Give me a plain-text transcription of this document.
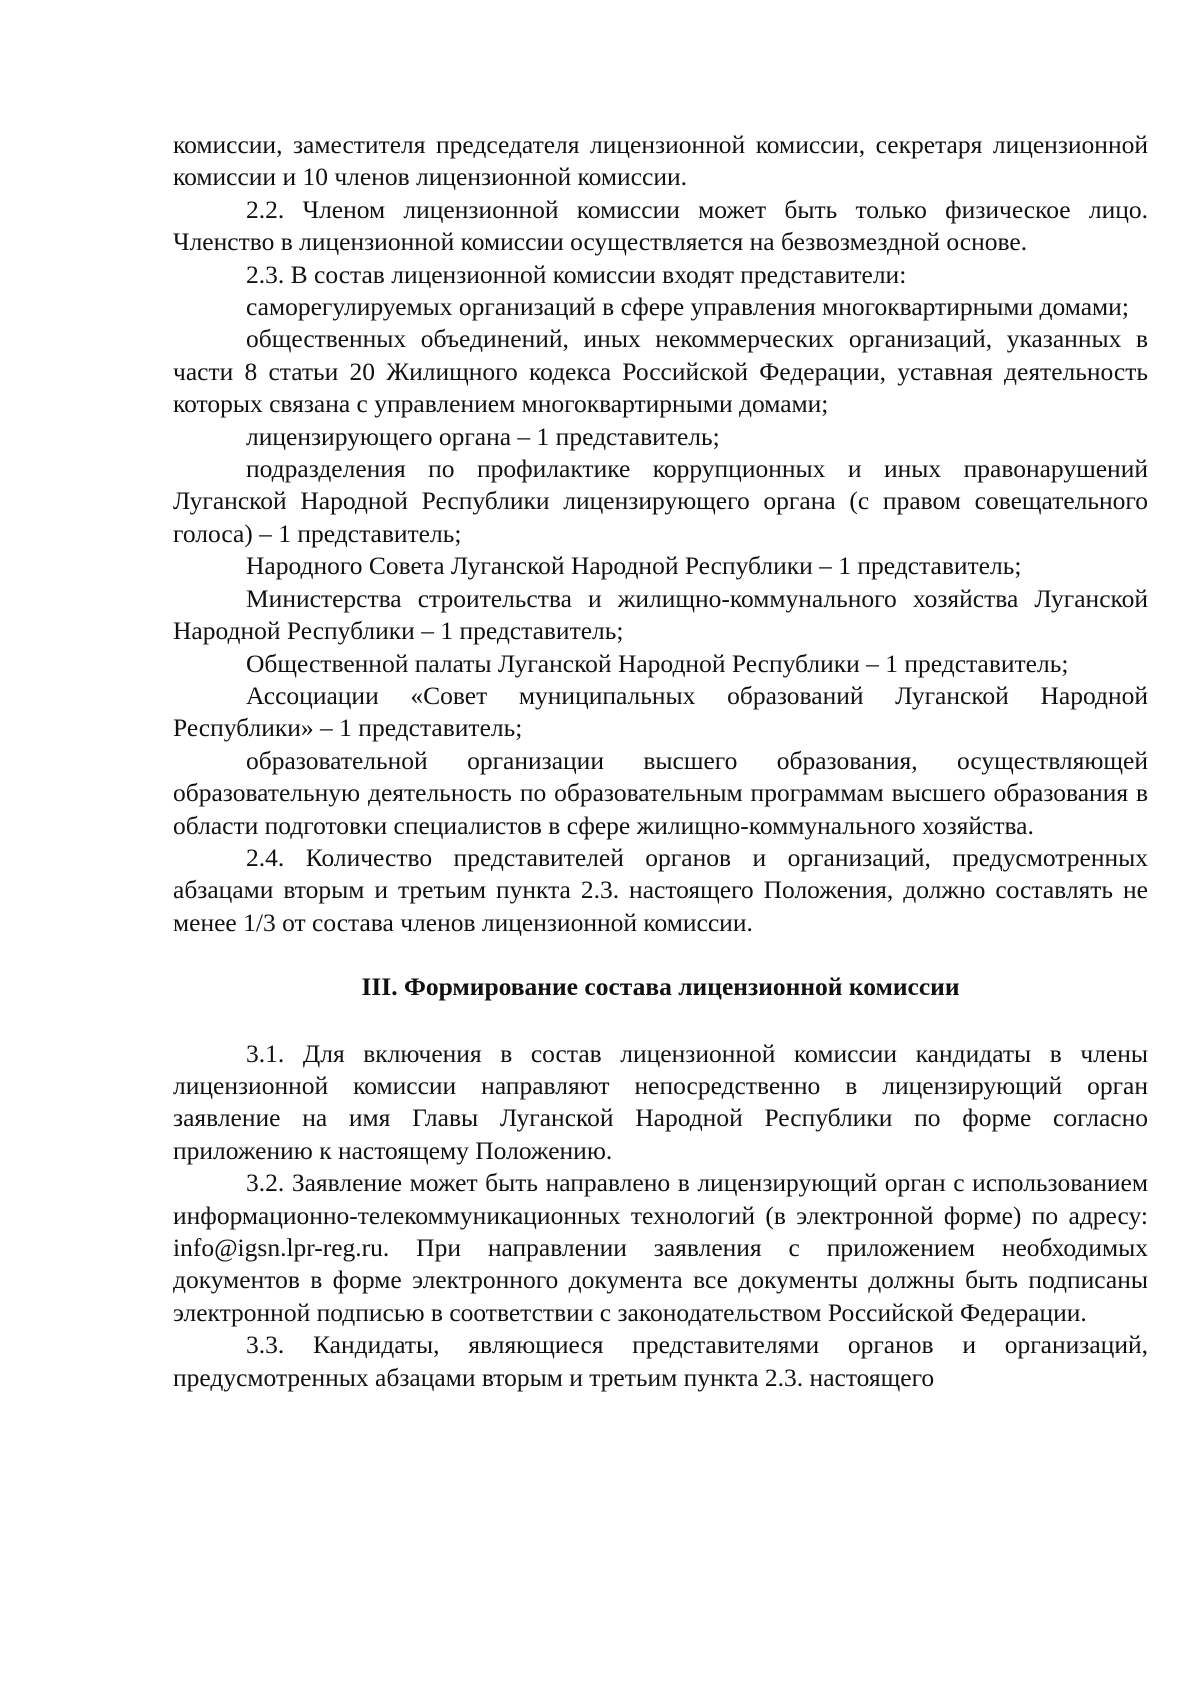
комиссии, заместителя председателя лицензионной комиссии, секретаря лицензионной комиссии и 10 членов лицензионной комиссии.

2.2. Членом лицензионной комиссии может быть только физическое лицо. Членство в лицензионной комиссии осуществляется на безвозмездной основе.

2.3. В состав лицензионной комиссии входят представители:

саморегулируемых организаций в сфере управления многоквартирными домами;

общественных объединений, иных некоммерческих организаций, указанных в части 8 статьи 20 Жилищного кодекса Российской Федерации, уставная деятельность которых связана с управлением многоквартирными домами;

лицензирующего органа – 1 представитель;

подразделения по профилактике коррупционных и иных правонарушений Луганской Народной Республики лицензирующего органа (с правом совещательного голоса) – 1 представитель;

Народного Совета Луганской Народной Республики – 1 представитель;

Министерства строительства и жилищно-коммунального хозяйства Луганской Народной Республики – 1 представитель;

Общественной палаты Луганской Народной Республики – 1 представитель;

Ассоциации «Совет муниципальных образований Луганской Народной Республики» – 1 представитель;

образовательной организации высшего образования, осуществляющей образовательную деятельность по образовательным программам высшего образования в области подготовки специалистов в сфере жилищно-коммунального хозяйства.

2.4. Количество представителей органов и организаций, предусмотренных абзацами вторым и третьим пункта 2.3. настоящего Положения, должно составлять не менее 1/3 от состава членов лицензионной комиссии.

III. Формирование состава лицензионной комиссии

3.1. Для включения в состав лицензионной комиссии кандидаты в члены лицензионной комиссии направляют непосредственно в лицензирующий орган заявление на имя Главы Луганской Народной Республики по форме согласно приложению к настоящему Положению.

3.2. Заявление может быть направлено в лицензирующий орган с использованием информационно-телекоммуникационных технологий (в электронной форме) по адресу: info@igsn.lpr-reg.ru. При направлении заявления с приложением необходимых документов в форме электронного документа все документы должны быть подписаны электронной подписью в соответствии с законодательством Российской Федерации.

3.3. Кандидаты, являющиеся представителями органов и организаций, предусмотренных абзацами вторым и третьим пункта 2.3. настоящего
